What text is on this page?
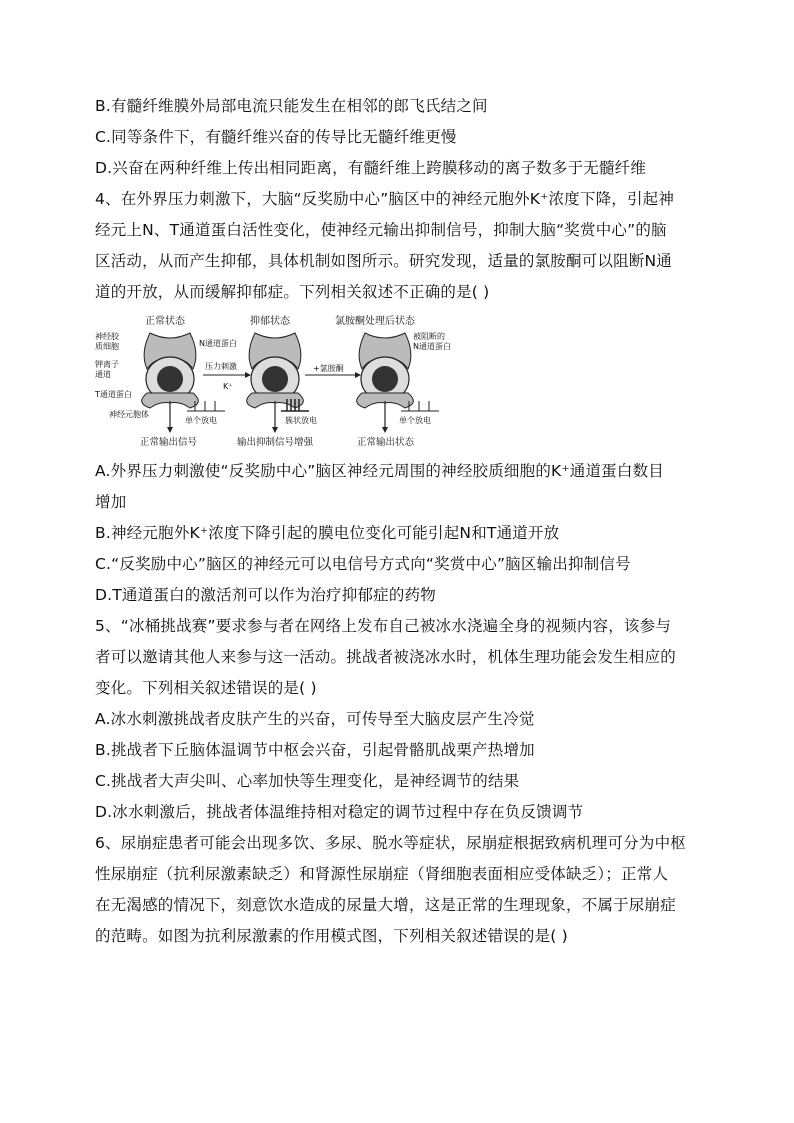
B.有髓纤维膜外局部电流只能发生在相邻的郎飞氏结之间
C.同等条件下，有髓纤维兴奋的传导比无髓纤维更慢
D.兴奋在两种纤维上传出相同距离，有髓纤维上跨膜移动的离子数多于无髓纤维
4、在外界压力刺激下，大脑“反奖励中心”脑区中的神经元胞外K⁺浓度下降，引起神
经元上N、T通道蛋白活性变化，使神经元输出抑制信号，抑制大脑“奖赏中心”的脑
区活动，从而产生抑郁，具体机制如图所示。研究发现，适量的氯胺酮可以阻断N通
道的开放，从而缓解抑郁症。下列相关叙述不正确的是( )
正常状态	抑郁状态	氯胺酮处理后状态
神经胶
质细胞
钾离子
通道
T通道蛋白
神经元胞体
N通道蛋白
压力刺激
K⁺
单个放电	簇状放电
+氯胺酮
被阻断的
N通道蛋白
单个放电
正常输出信号	输出抑制信号增强	正常输出状态
A.外界压力刺激使“反奖励中心”脑区神经元周围的神经胶质细胞的K⁺通道蛋白数目
增加
B.神经元胞外K⁺浓度下降引起的膜电位变化可能引起N和T通道开放
C.“反奖励中心”脑区的神经元可以电信号方式向“奖赏中心”脑区输出抑制信号
D.T通道蛋白的激活剂可以作为治疗抑郁症的药物
5、“冰桶挑战赛”要求参与者在网络上发布自己被冰水浇遍全身的视频内容，该参与
者可以邀请其他人来参与这一活动。挑战者被浇冰水时，机体生理功能会发生相应的
变化。下列相关叙述错误的是( )
A.冰水刺激挑战者皮肤产生的兴奋，可传导至大脑皮层产生冷觉
B.挑战者下丘脑体温调节中枢会兴奋，引起骨骼肌战栗产热增加
C.挑战者大声尖叫、心率加快等生理变化，是神经调节的结果
D.冰水刺激后，挑战者体温维持相对稳定的调节过程中存在负反馈调节
6、尿崩症患者可能会出现多饮、多尿、脱水等症状，尿崩症根据致病机理可分为中枢
性尿崩症（抗利尿激素缺乏）和肾源性尿崩症（肾细胞表面相应受体缺乏）；正常人
在无渴感的情况下，刻意饮水造成的尿量大增，这是正常的生理现象，不属于尿崩症
的范畴。如图为抗利尿激素的作用模式图，下列相关叙述错误的是( )
